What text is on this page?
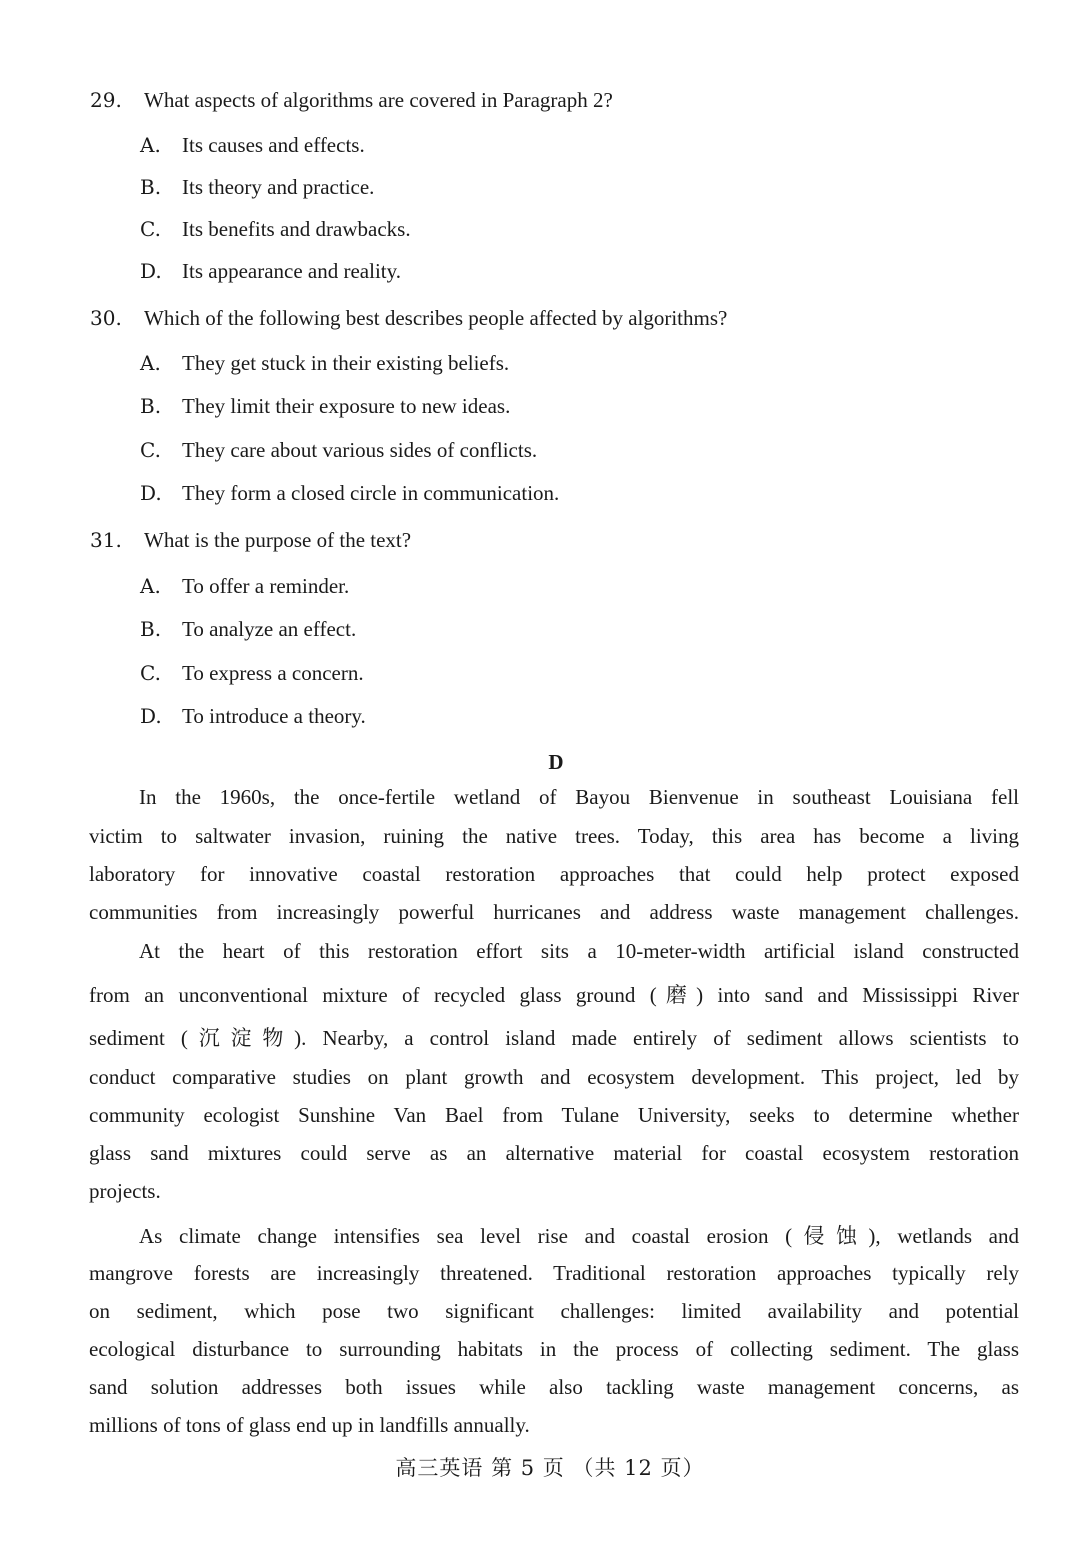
29. What aspects of algorithms are covered in Paragraph 2?
A. Its causes and effects.
B. Its theory and practice.
C. Its benefits and drawbacks.
D. Its appearance and reality.
30. Which of the following best describes people affected by algorithms?
A. They get stuck in their existing beliefs.
B. They limit their exposure to new ideas.
C. They care about various sides of conflicts.
D. They form a closed circle in communication.
31. What is the purpose of the text?
A. To offer a reminder.
B. To analyze an effect.
C. To express a concern.
D. To introduce a theory.
D
In the 1960s, the once-fertile wetland of Bayou Bienvenue in southeast Louisiana fell
victim to saltwater invasion, ruining the native trees. Today, this area has become a living
laboratory for innovative coastal restoration approaches that could help protect exposed
communities from increasingly powerful hurricanes and address waste management challenges.
At the heart of this restoration effort sits a 10-meter-width artificial island constructed
from an unconventional mixture of recycled glass ground (磨) into sand and Mississippi River
sediment (沉淀物). Nearby, a control island made entirely of sediment allows scientists to
conduct comparative studies on plant growth and ecosystem development. This project, led by
community ecologist Sunshine Van Bael from Tulane University, seeks to determine whether
glass sand mixtures could serve as an alternative material for coastal ecosystem restoration
projects.
As climate change intensifies sea level rise and coastal erosion (侵蚀), wetlands and
mangrove forests are increasingly threatened. Traditional restoration approaches typically rely
on sediment, which pose two significant challenges: limited availability and potential
ecological disturbance to surrounding habitats in the process of collecting sediment. The glass
sand solution addresses both issues while also tackling waste management concerns, as
millions of tons of glass end up in landfills annually.
高三英语 第 5 页 （共 12 页）
